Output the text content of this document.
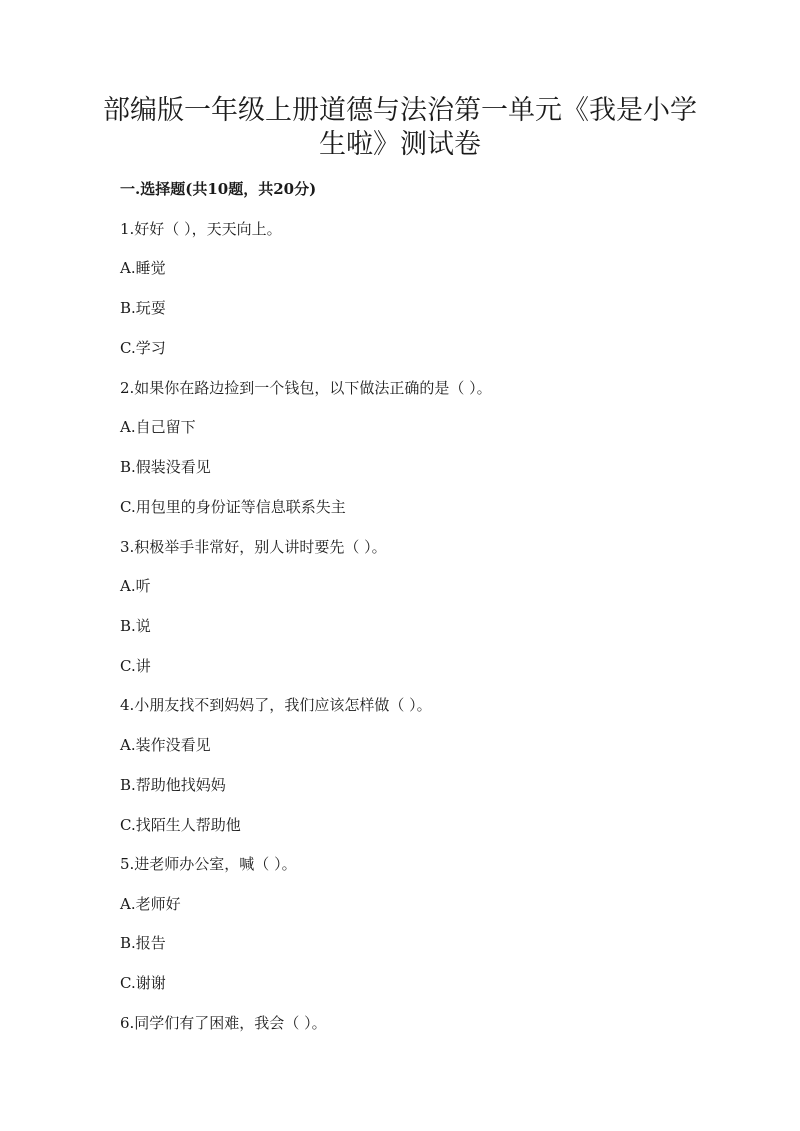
部编版一年级上册道德与法治第一单元《我是小学
生啦》测试卷
一.选择题(共10题，共20分)
1.好好（ ），天天向上。
A.睡觉
B.玩耍
C.学习
2.如果你在路边捡到一个钱包，以下做法正确的是（ ）。
A.自己留下
B.假装没看见
C.用包里的身份证等信息联系失主
3.积极举手非常好，别人讲时要先（ ）。
A.听
B.说
C.讲
4.小朋友找不到妈妈了，我们应该怎样做（ ）。
A.装作没看见
B.帮助他找妈妈
C.找陌生人帮助他
5.进老师办公室，喊（ ）。
A.老师好
B.报告
C.谢谢
6.同学们有了困难，我会（ ）。
